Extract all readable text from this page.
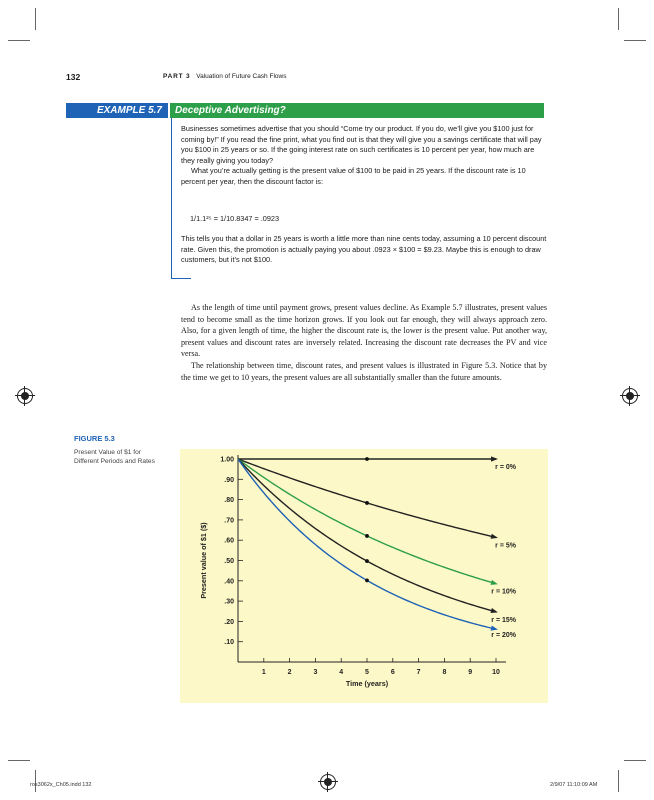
132	PART 3 Valuation of Future Cash Flows
EXAMPLE 5.7	Deceptive Advertising?

Businesses sometimes advertise that you should “Come try our product. If you do, we’ll give you $100 just for coming by!” If you read the fine print, what you find out is that they will give you a savings certificate that will pay you $100 in 25 years or so. If the going interest rate on such certificates is 10 percent per year, how much are they really giving you today?

What you’re actually getting is the present value of $100 to be paid in 25 years. If the discount rate is 10 percent per year, then the discount factor is:

1/1.1²⁵ = 1/10.8347 = .0923
This tells you that a dollar in 25 years is worth a little more than nine cents today, assuming a 10 percent discount rate. Given this, the promotion is actually paying you about .0923 × $100 = $9.23. Maybe this is enough to draw customers, but it’s not $100.

As the length of time until payment grows, present values decline. As Example 5.7 illustrates, present values tend to become small as the time horizon grows. If you look out far enough, they will always approach zero. Also, for a given length of time, the higher the discount rate is, the lower is the present value. Put another way, present values and discount rates are inversely related. Increasing the discount rate decreases the PV and vice versa.

The relationship between time, discount rates, and present values is illustrated in Figure 5.3. Notice that by the time we get to 10 years, the present values are all substantially smaller than the future amounts.

FIGURE 5.3
Present Value of $1 for Different Periods and Rates	1.00
.90
.80
.70
.60
.50
.40
.30
.20
.10
1	2	3	4	5	6	7	8	9	10
Time (years)
Present value of $1 ($)
r = 0%
r = 5%
r = 10%
r = 15%
r = 20%
ros3062x_Ch05.indd 132	2/9/07 11:10:09 AM
